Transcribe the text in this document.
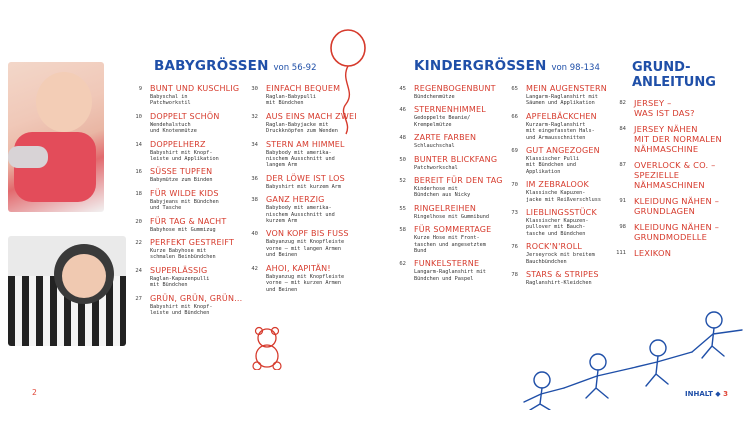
2	INHALT ◆ 3
BABYGRÖSSEN von 56-92	KINDERGRÖSSEN von 98-134
9 BUNT UND KUSCHLIG
Babyschal in
Patchworkstil
10 DOPPELT SCHÖN
Wendehalstuch
und Knotenmütze
14 DOPPELHERZ
Babyshirt mit Knopf-
leiste und Applikation
16 SÜSSE TUPFEN
Babymütze zum Binden
18 FÜR WILDE KIDS
Babyjeans mit Bündchen
und Tasche
20 FÜR TAG & NACHT
Babyhose mit Gummizug
22 PERFEKT GESTREIFT
Kurze Babyhose mit
schmalen Beinbündchen
24 SUPERLÄSSIG
Raglan-Kapuzenpulli
mit Bündchen
27 GRÜN, GRÜN, GRÜN...
Babyshirt mit Knopf-
leiste und Bündchen
30 EINFACH BEQUEM
Raglan-Babypulli
mit Bündchen
32 AUS EINS MACH ZWEI
Raglan-Babyjacke mit
Druckknöpfen zum Wenden
34 STERN AM HIMMEL
Babybody mit amerika-
nischem Ausschnitt und
langem Arm
36 DER LÖWE IST LOS
Babyshirt mit kurzem Arm
38 GANZ HERZIG
Babybody mit amerika-
nischem Ausschnitt und
kurzem Arm
40 VON KOPF BIS FUSS
Babyanzug mit Knopfleiste
vorne – mit langen Armen
und Beinen
42 AHOI, KAPITÄN!
Babyanzug mit Knopfleiste
vorne – mit kurzen Armen
und Beinen
45 REGENBOGENBUNT
Bündchenmütze
46 STERNENHIMMEL
Gedoppelte Beanie/
Krempelmütze
48 ZARTE FARBEN
Schlauchschal
50 BUNTER BLICKFANG
Patchworkschal
52 BEREIT FÜR DEN TAG
Kinderhose mit
Bündchen aus Nicky
55 RINGELREIHEN
Ringelhose mit Gummibund
58 FÜR SOMMERTAGE
Kurze Hose mit Front-
taschen und angesetztem
Bund
62 FUNKELSTERNE
Langarm-Raglanshirt mit
Bündchen und Paspel
65 MEIN AUGENSTERN
Langarm-Raglanshirt mit
Säumen und Applikation
66 APFELBÄCKCHEN
Kurzarm-Raglanshirt
mit eingefassten Hals-
und Armausschnitten
69 GUT ANGEZOGEN
Klassischer Pulli
mit Bündchen und
Applikation
70 IM ZEBRALOOK
Klassische Kapuzen-
jacke mit Reißverschluss
73 LIEBLINGSSTÜCK
Klassischer Kapuzen-
pullover mit Bauch-
tasche und Bündchen
76 ROCK'N'ROLL
Jerseyrock mit breitem
Bauchbündchen
78 STARS & STRIPES
Raglanshirt-Kleidchen
GRUND-
ANLEITUNG
82 JERSEY –
WAS IST DAS?
84 JERSEY NÄHEN
MIT DER NORMALEN
NÄHMASCHINE
87 OVERLOCK & CO. –
SPEZIELLE
NÄHMASCHINEN
91 KLEIDUNG NÄHEN –
GRUNDLAGEN
98 KLEIDUNG NÄHEN –
GRUNDMODELLE
111 LEXIKON
